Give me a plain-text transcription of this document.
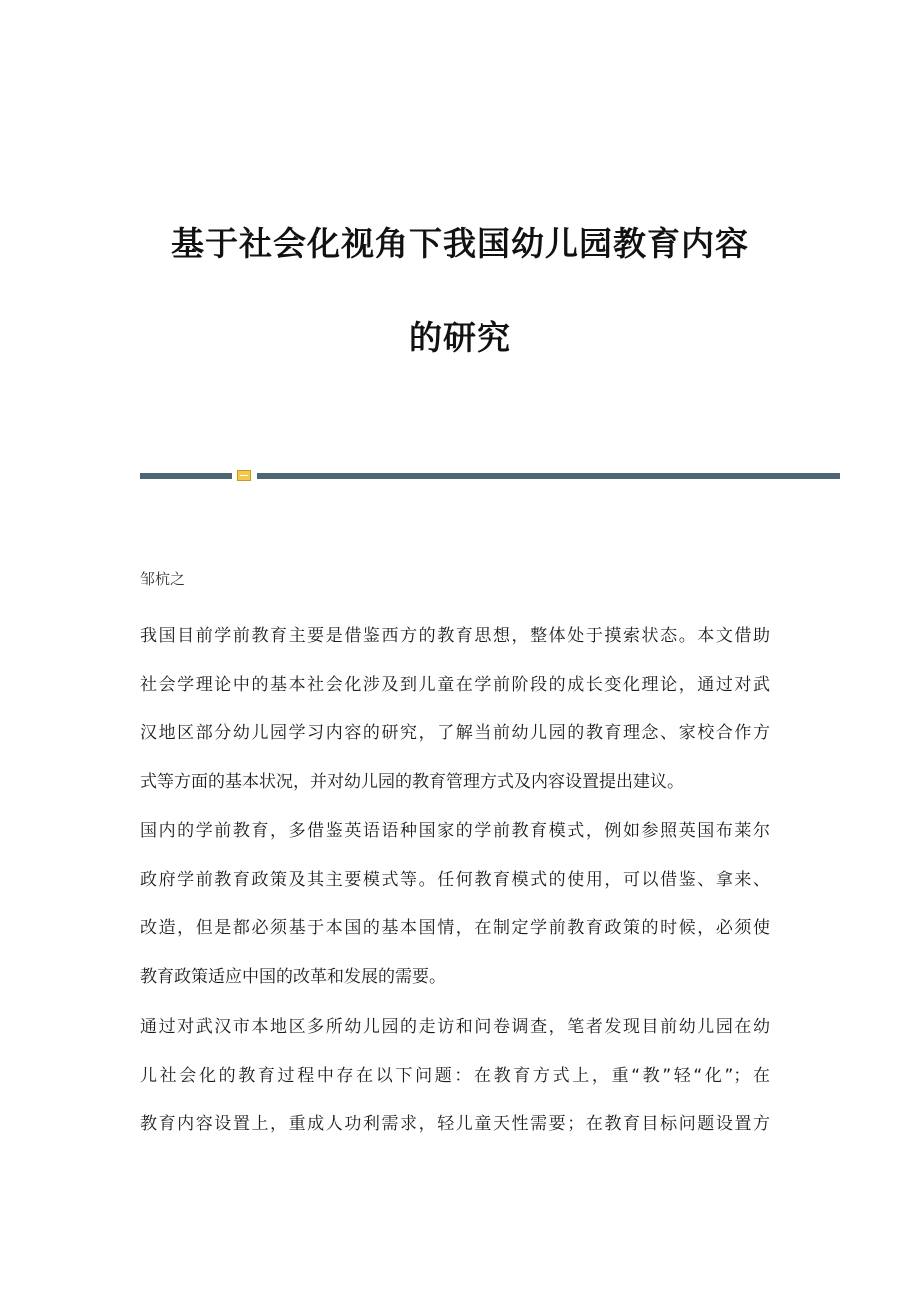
基于社会化视角下我国幼儿园教育内容
的研究
邹杭之

我国目前学前教育主要是借鉴西方的教育思想，整体处于摸索状态。本文借助
社会学理论中的基本社会化涉及到儿童在学前阶段的成长变化理论，通过对武
汉地区部分幼儿园学习内容的研究，了解当前幼儿园的教育理念、家校合作方
式等方面的基本状况，并对幼儿园的教育管理方式及内容设置提出建议。

国内的学前教育，多借鉴英语语种国家的学前教育模式，例如参照英国布莱尔
政府学前教育政策及其主要模式等。任何教育模式的使用，可以借鉴、拿来、
改造，但是都必须基于本国的基本国情，在制定学前教育政策的时候，必须使
教育政策适应中国的改革和发展的需要。

通过对武汉市本地区多所幼儿园的走访和问卷调查，笔者发现目前幼儿园在幼
儿社会化的教育过程中存在以下问题：在教育方式上，重“教”轻“化”；在
教育内容设置上，重成人功利需求，轻儿童天性需要；在教育目标问题设置方
